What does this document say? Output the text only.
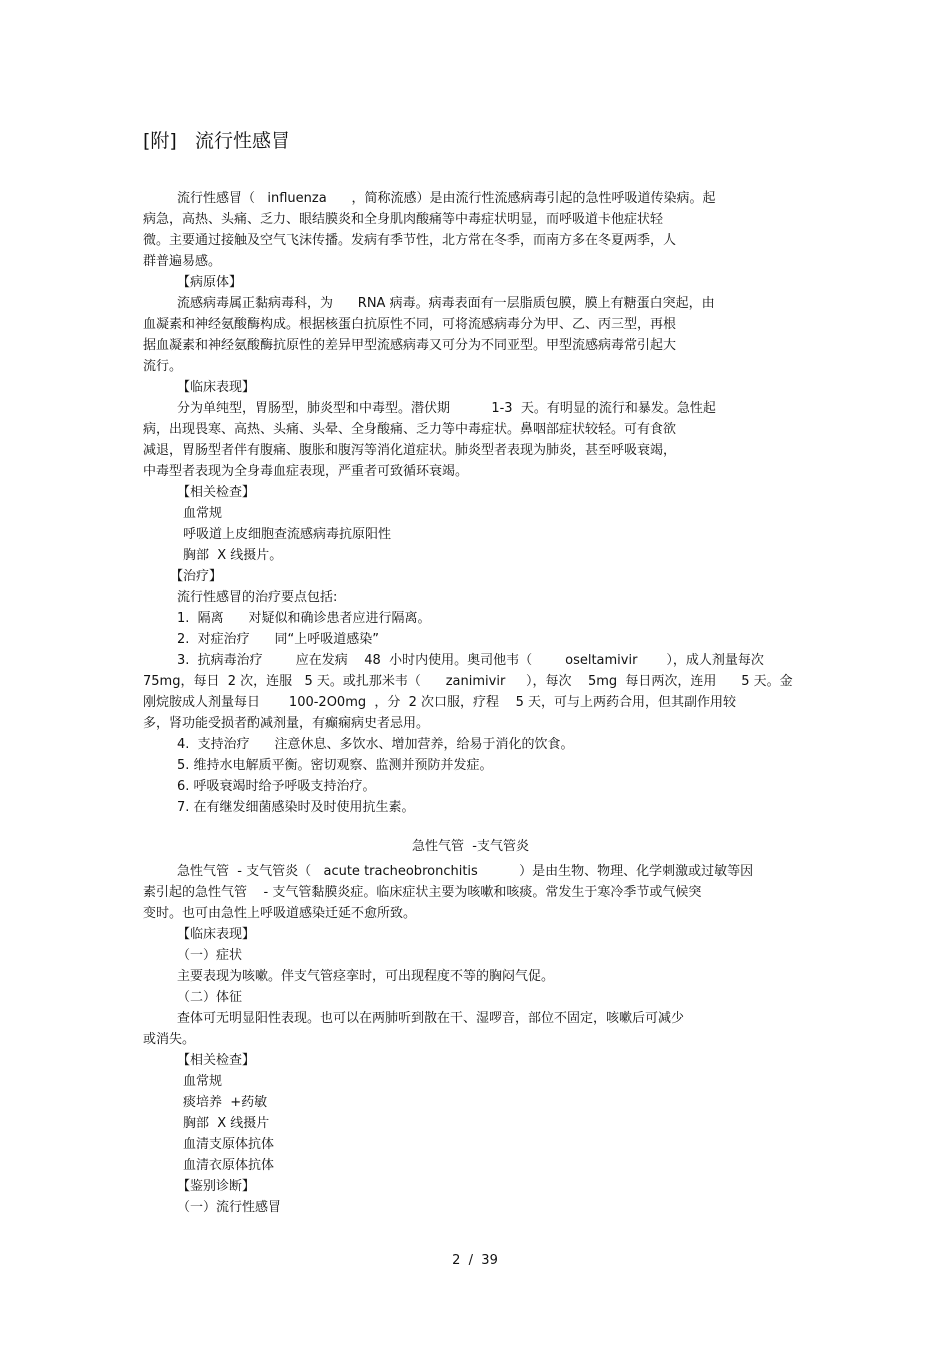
[附]   流行性感冒
流行性感冒（   influenza      ，简称流感）是由流行性流感病毒引起的急性呼吸道传染病。起
病急，高热、头痛、乏力、眼结膜炎和全身肌肉酸痛等中毒症状明显，而呼吸道卡他症状轻
微。主要通过接触及空气飞沫传播。发病有季节性，北方常在冬季，而南方多在冬夏两季，人
群普遍易感。
【病原体】
流感病毒属正黏病毒科，为      RNA 病毒。病毒表面有一层脂质包膜，膜上有糖蛋白突起，由
血凝素和神经氨酸酶构成。根据核蛋白抗原性不同，可将流感病毒分为甲、乙、丙三型，再根
据血凝素和神经氨酸酶抗原性的差异甲型流感病毒又可分为不同亚型。甲型流感病毒常引起大
流行。
【临床表现】
分为单纯型，胃肠型，肺炎型和中毒型。潜伏期          1-3  天。有明显的流行和暴发。急性起
病，出现畏寒、高热、头痛、头晕、全身酸痛、乏力等中毒症状。鼻咽部症状较轻。可有食欲
减退，胃肠型者伴有腹痛、腹胀和腹泻等消化道症状。肺炎型者表现为肺炎，甚至呼吸衰竭，
中毒型者表现为全身毒血症表现，严重者可致循环衰竭。
【相关检查】
血常规
呼吸道上皮细胞查流感病毒抗原阳性
胸部  X 线摄片。
【治疗】
流行性感冒的治疗要点包括:
1.  隔离      对疑似和确诊患者应进行隔离。
2.  对症治疗      同“上呼吸道感染”
3.  抗病毒治疗        应在发病    48  小时内使用。奥司他韦（        oseltamivir       ），成人剂量每次
75mg，每日  2 次，连服   5 天。或扎那米韦（      zanimivir     ），每次    5mg  每日两次，连用      5 天。金
刚烷胺成人剂量每日       100-2O0mg  ，分  2 次口服，疗程    5 天，可与上两药合用，但其副作用较
多，肾功能受损者酌减剂量，有癫痫病史者忌用。
4.  支持治疗      注意休息、多饮水、增加营养，给易于消化的饮食。
5. 维持水电解质平衡。密切观察、监测并预防并发症。
6. 呼吸衰竭时给予呼吸支持治疗。
7. 在有继发细菌感染时及时使用抗生素。
急性气管  -支气管炎
急性气管  - 支气管炎（   acute tracheobronchitis          ）是由生物、物理、化学刺激或过敏等因
素引起的急性气管    - 支气管黏膜炎症。临床症状主要为咳嗽和咳痰。常发生于寒冷季节或气候突
变时。也可由急性上呼吸道感染迁延不愈所致。
【临床表现】
（一）症状
主要表现为咳嗽。伴支气管痉挛时，可出现程度不等的胸闷气促。
（二）体征
查体可无明显阳性表现。也可以在两肺听到散在干、湿啰音，部位不固定，咳嗽后可减少
或消失。
【相关检查】
血常规
痰培养  +药敏
胸部  X 线摄片
血清支原体抗体
血清衣原体抗体
【鉴别诊断】
（一）流行性感冒
2  /  39
